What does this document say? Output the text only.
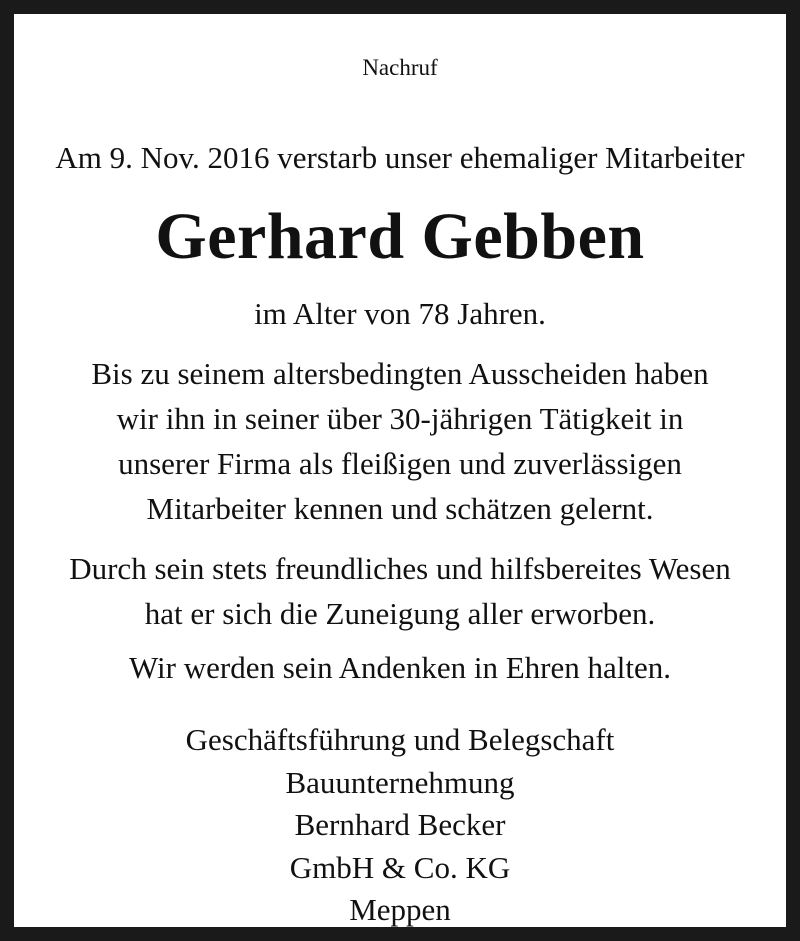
Nachruf
Am 9. Nov. 2016 verstarb unser ehemaliger Mitarbeiter
Gerhard Gebben
im Alter von 78 Jahren.
Bis zu seinem altersbedingten Ausscheiden haben
wir ihn in seiner über 30-jährigen Tätigkeit in
unserer Firma als fleißigen und zuverlässigen
Mitarbeiter kennen und schätzen gelernt.
Durch sein stets freundliches und hilfsbereites Wesen
hat er sich die Zuneigung aller erworben.
Wir werden sein Andenken in Ehren halten.
Geschäftsführung und Belegschaft
Bauunternehmung
Bernhard Becker
GmbH & Co. KG
Meppen
